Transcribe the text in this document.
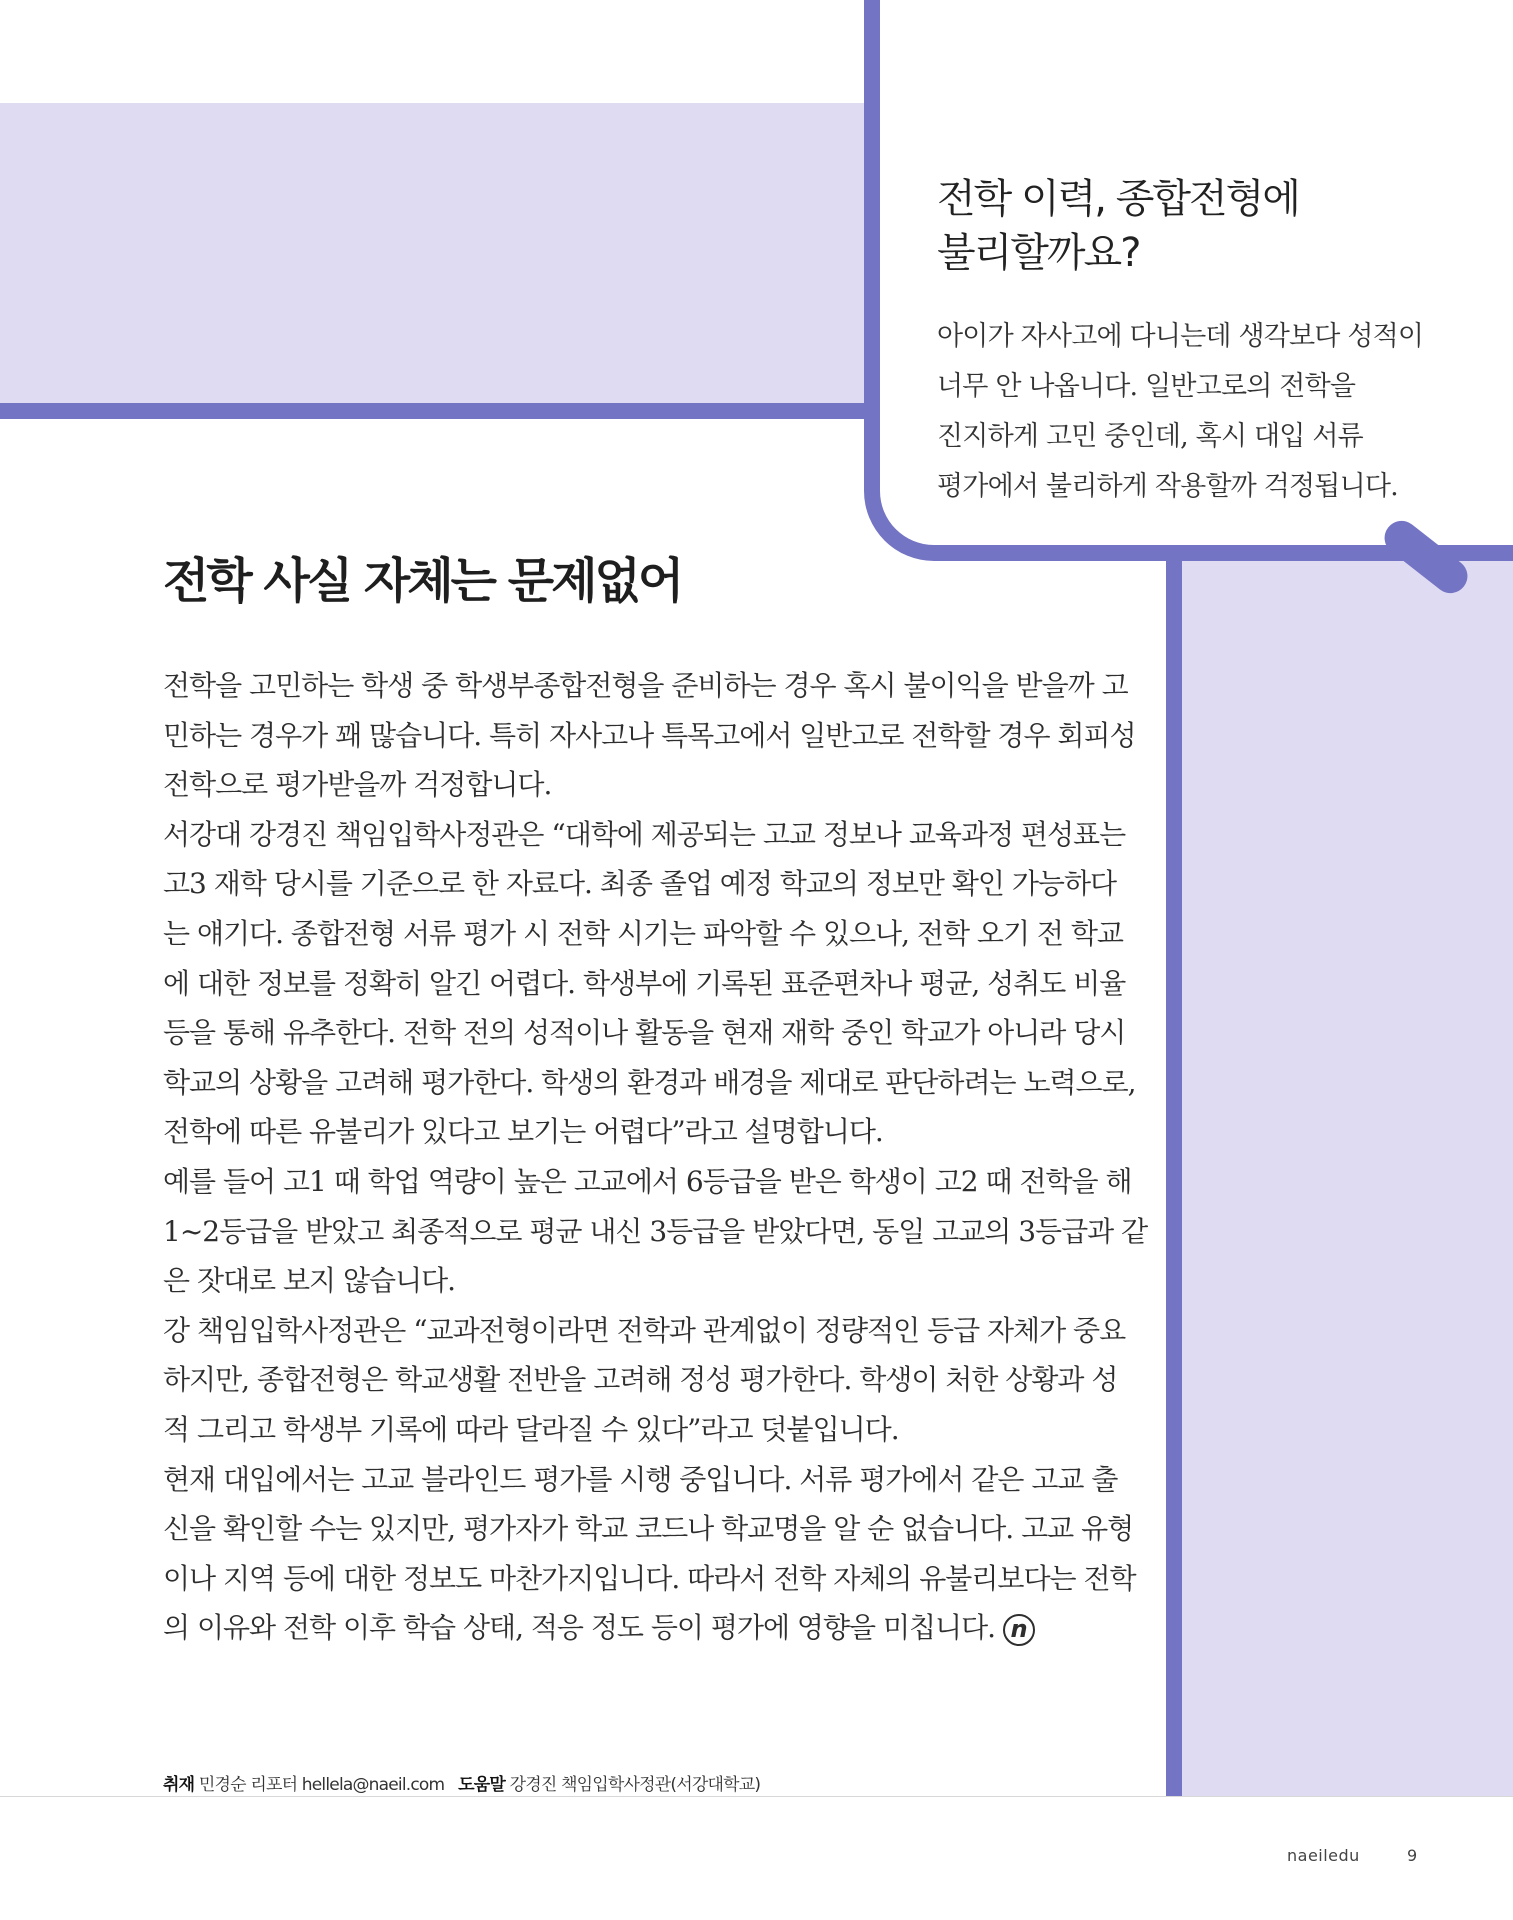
전학 이력, 종합전형에
불리할까요?
아이가 자사고에 다니는데 생각보다 성적이
너무 안 나옵니다. 일반고로의 전학을
진지하게 고민 중인데, 혹시 대입 서류
평가에서 불리하게 작용할까 걱정됩니다.
전학 사실 자체는 문제없어
전학을 고민하는 학생 중 학생부종합전형을 준비하는 경우 혹시 불이익을 받을까 고
민하는 경우가 꽤 많습니다. 특히 자사고나 특목고에서 일반고로 전학할 경우 회피성
전학으로 평가받을까 걱정합니다.
서강대 강경진 책임입학사정관은 “대학에 제공되는 고교 정보나 교육과정 편성표는
고3 재학 당시를 기준으로 한 자료다. 최종 졸업 예정 학교의 정보만 확인 가능하다
는 얘기다. 종합전형 서류 평가 시 전학 시기는 파악할 수 있으나, 전학 오기 전 학교
에 대한 정보를 정확히 알긴 어렵다. 학생부에 기록된 표준편차나 평균, 성취도 비율
등을 통해 유추한다. 전학 전의 성적이나 활동을 현재 재학 중인 학교가 아니라 당시
학교의 상황을 고려해 평가한다. 학생의 환경과 배경을 제대로 판단하려는 노력으로,
전학에 따른 유불리가 있다고 보기는 어렵다”라고 설명합니다.
예를 들어 고1 때 학업 역량이 높은 고교에서 6등급을 받은 학생이 고2 때 전학을 해
1~2등급을 받았고 최종적으로 평균 내신 3등급을 받았다면, 동일 고교의 3등급과 같
은 잣대로 보지 않습니다.
강 책임입학사정관은 “교과전형이라면 전학과 관계없이 정량적인 등급 자체가 중요
하지만, 종합전형은 학교생활 전반을 고려해 정성 평가한다. 학생이 처한 상황과 성
적 그리고 학생부 기록에 따라 달라질 수 있다”라고 덧붙입니다.
현재 대입에서는 고교 블라인드 평가를 시행 중입니다. 서류 평가에서 같은 고교 출
신을 확인할 수는 있지만, 평가자가 학교 코드나 학교명을 알 순 없습니다. 고교 유형
이나 지역 등에 대한 정보도 마찬가지입니다. 따라서 전학 자체의 유불리보다는 전학
의 이유와 전학 이후 학습 상태, 적응 정도 등이 평가에 영향을 미칩니다. n
취재 민경순 리포터 hellela@naeil.com 도움말 강경진 책임입학사정관(서강대학교)
naeiledu	9
